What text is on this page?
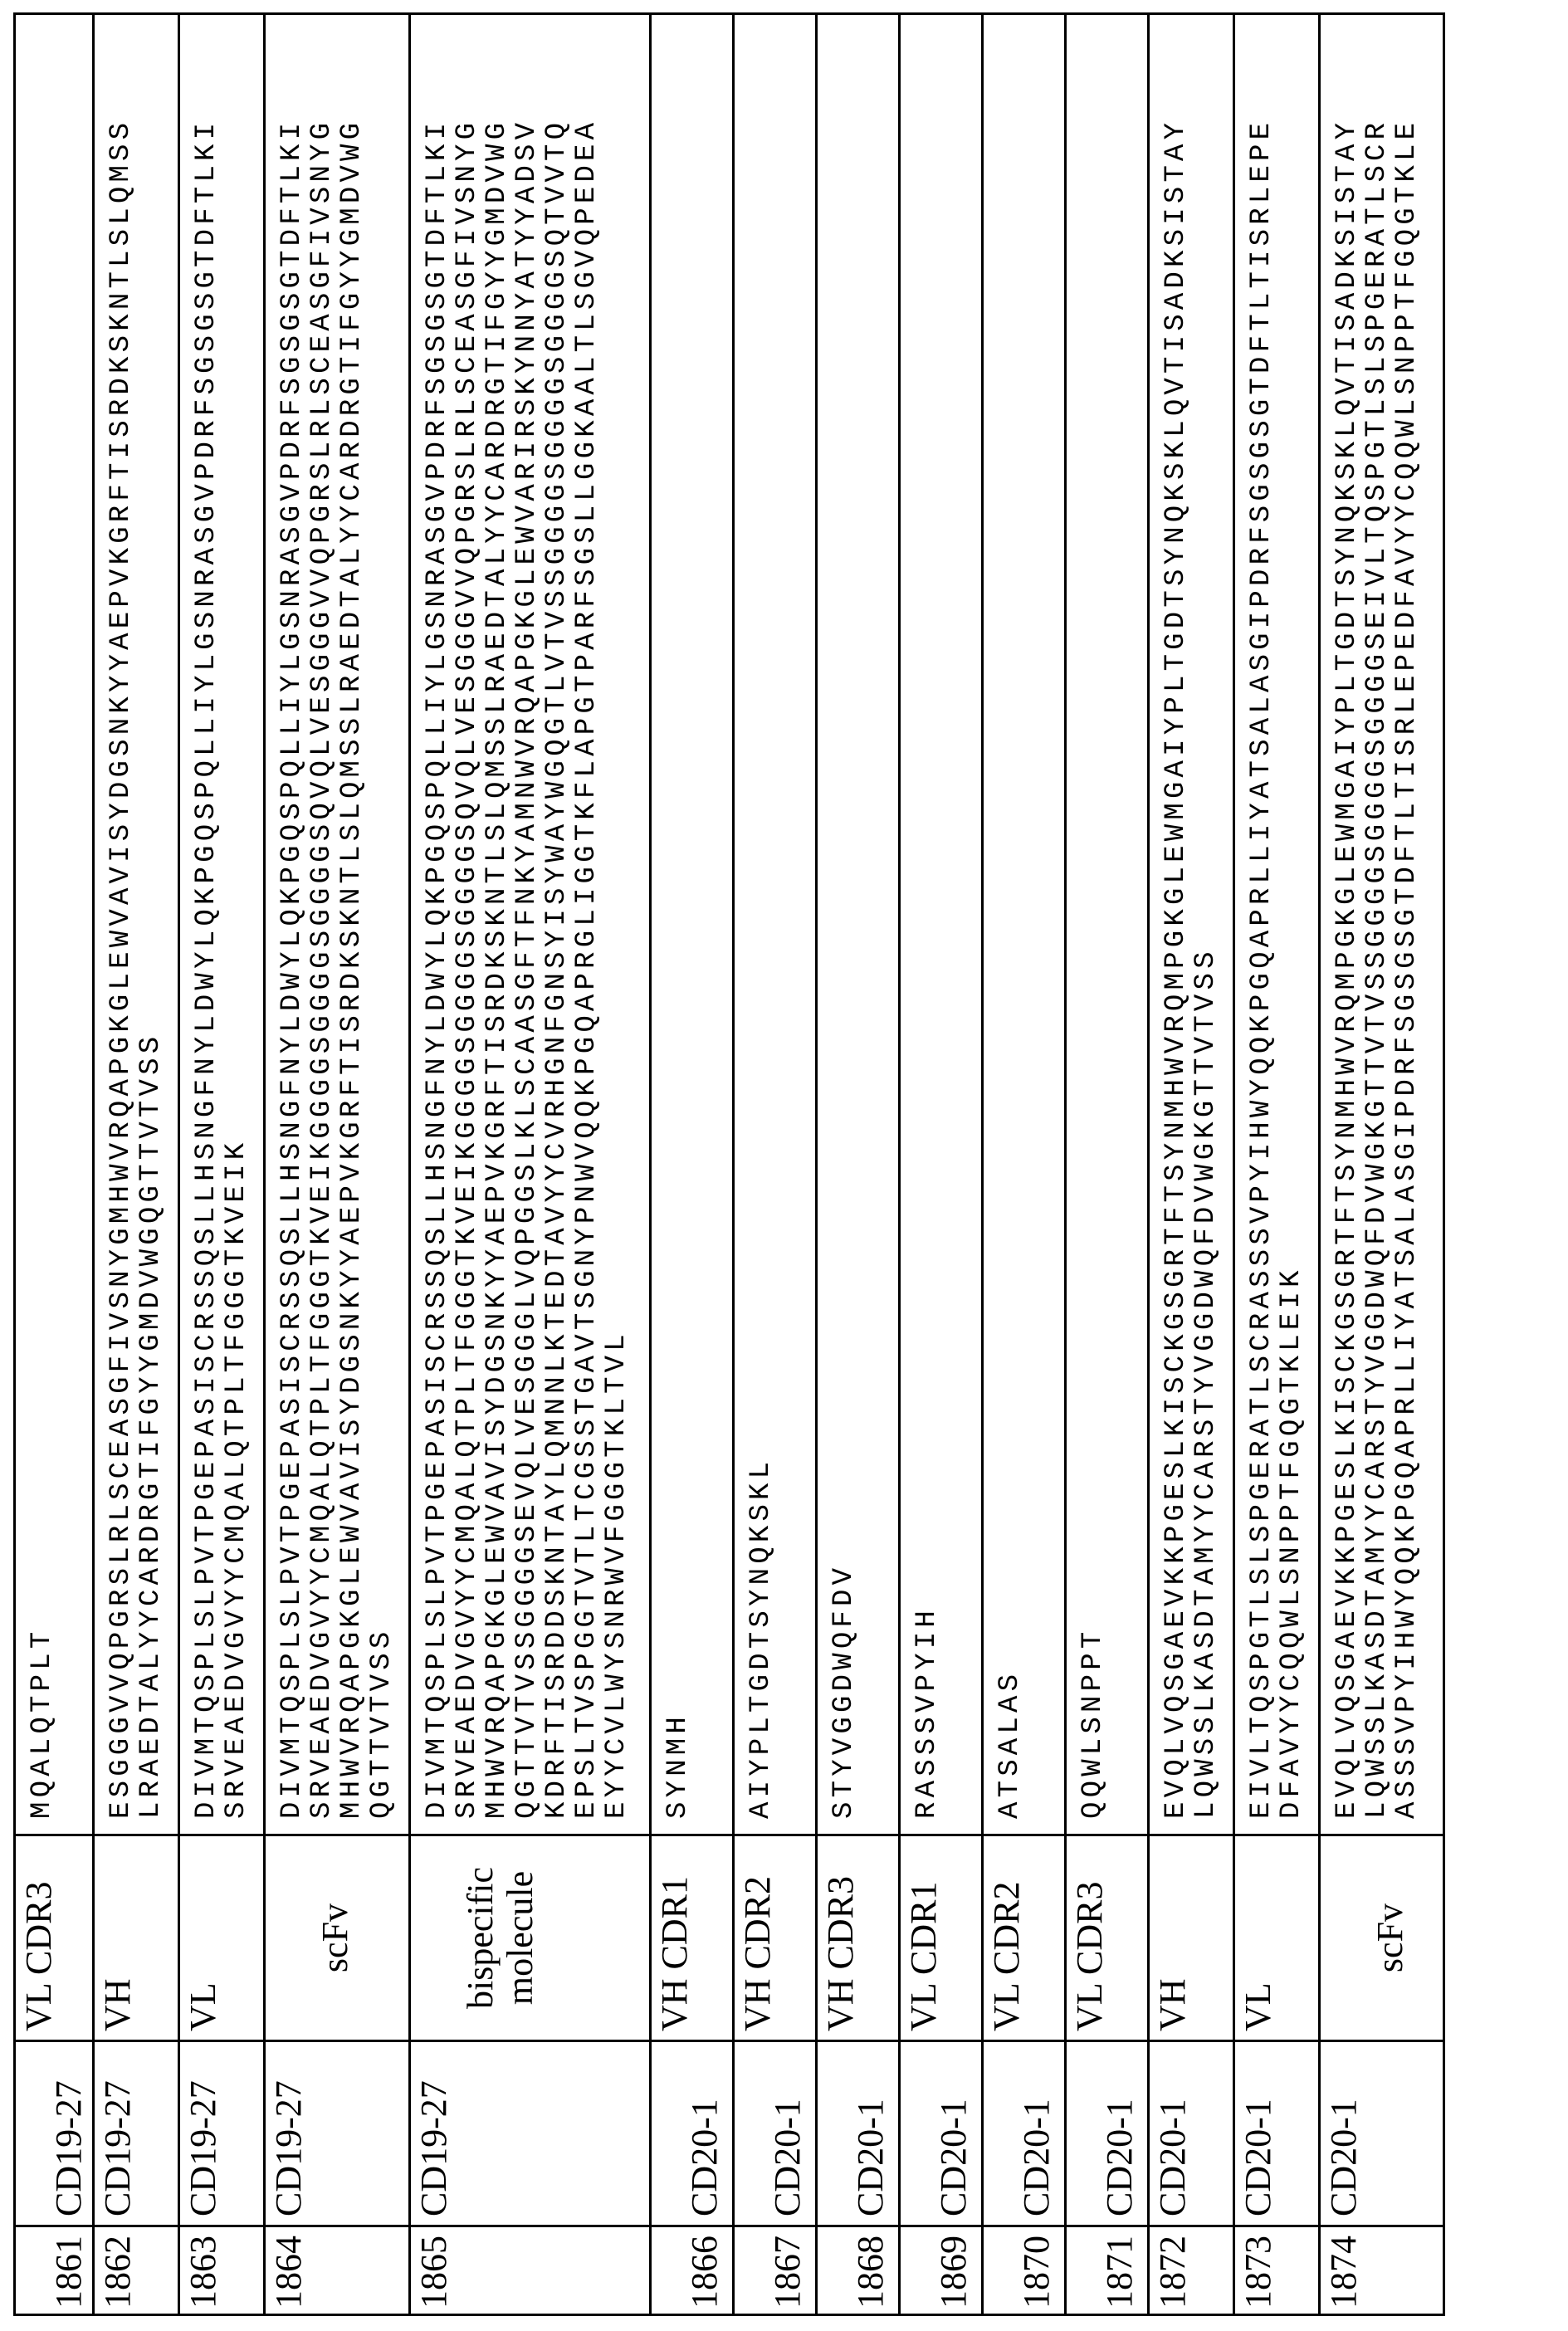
1861	CD19-27	VL CDR3	
MQALQTPLT

1862	CD19-27	VH	
ESGGGVVQPGRSLRLSCEASGFIVSNYGMHWVRQAPGKGLEWVAVISYDGSNKYYAEPVKGRFTISRDKSKNTLSLQMSS
LRAEDTALYYCARDRGTIFGYYGMDVWGQGTTVTVSS

1863	CD19-27	VL	
DIVMTQSPLSLPVTPGEPASISCRSSQSLLHSNGFNYLDWYLQKPGQSPQLLIYLGSNRASGVPDRFSGSGSGTDFTLKI
SRVEAEDVGVYYCMQALQTPLTFGGGTKVEIK

1864	CD19-27	scFv	
DIVMTQSPLSLPVTPGEPASISCRSSQSLLHSNGFNYLDWYLQKPGQSPQLLIYLGSNRASGVPDRFSGSGSGTDFTLKI
SRVEAEDVGVYYCMQALQTPLTFGGGTKVEIKGGGGSGGGGSGGGGSQVQLVESGGGVVQPGRSLRLSCEASGFIVSNYG
MHWVRQAPGKGLEWVAVISYDGSNKYYAEPVKGRFTISRDKSKNTLSLQMSSLRAEDTALYYCARDRGTIFGYYGMDVWG
QGTTVTVSS

1865	CD19-27	bispecific molecule	
DIVMTQSPLSLPVTPGEPASISCRSSQSLLHSNGFNYLDWYLQKPGQSPQLLIYLGSNRASGVPDRFSGSGSGTDFTLKI
SRVEAEDVGVYYCMQALQTPLTFGGGTKVEIKGGGGSGGGGSGGGGSQVQLVESGGGVVQPGRSLRLSCEASGFIVSNYG
MHWVRQAPGKGLEWVAVISYDGSNKYYAEPVKGRFTISRDKSKNTLSLQMSSLRAEDTALYYCARDRGTIFGYYGMDVWG
QGTTVTVSSGGGGSEVQLVESGGGLVQPGGSLKLSCAASGFTFNKYAMNWVRQAPGKGLEWVARIRSKYNNYATYYADSV
KDRFTISRDDSKNTAYLQMNNLKTEDTAVYYCVRHGNFGNSYISYWAYWGQGTLVTVSSGGGGSGGGGSGGGGSQTVVTQ
EPSLTVSPGGTVTLTCGSSTGAVTSGNYPNWVQQKPGQAPRGLIGGTKFLAPGTPARFSGSLLGGKAALTLSGVQPEDEA
EYYCVLWYSNRWVFGGGTKLTVL

1866	CD20-1	VH CDR1	
SYNMH

1867	CD20-1	VH CDR2	
AIYPLTGDTSYNQKSKL

1868	CD20-1	VH CDR3	
STYVGGDWQFDV

1869	CD20-1	VL CDR1	
RASSSVPYIH

1870	CD20-1	VL CDR2	
ATSALAS

1871	CD20-1	VL CDR3	
QQWLSNPPT

1872	CD20-1	VH	
EVQLVQSGAEVKKPGESLKISCKGSGRTFTSYNMHWVRQMPGKGLEWMGAIYPLTGDTSYNQKSKLQVTISADKSISTAY
LQWSSLKASDTAMYYCARSTYVGGDWQFDVWGKGTTVTVSS

1873	CD20-1	VL	
EIVLTQSPGTLSLSPGERATLSCRASSSVPYIHWYQQKPGQAPRLLIYATSALASGIPDRFSGSGSGTDFTLTISRLEPE
DFAVYYCQQWLSNPPTFGQGTKLEIK

1874	CD20-1	scFv	
EVQLVQSGAEVKKPGESLKISCKGSGRTFTSYNMHWVRQMPGKGLEWMGAIYPLTGDTSYNQKSKLQVTISADKSISTAY
LQWSSLKASDTAMYYCARSTYVGGDWQFDVWGKGTTVTVSSGGGGSGGGGSGGGGSEIVLTQSPGTLSLSPGERATLSCR
ASSSVPYIHWYQQKPGQAPRLLIYATSALASGIPDRFSGSGSGTDFTLTISRLEPEDFAVYYCQQWLSNPPTFGQGTKLE
